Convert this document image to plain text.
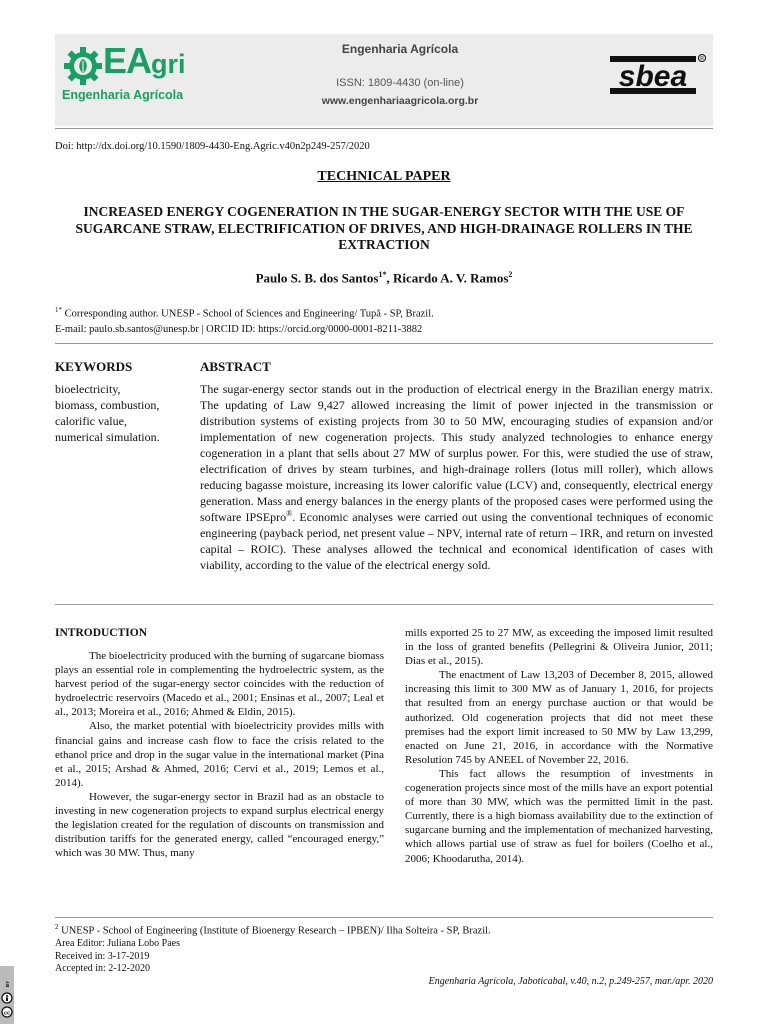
EAgri
Engenharia Agrícola
Engenharia Agrícola
ISSN: 1809-4430 (on-line)
www.engenhariaagricola.org.br
sbea
R
Doi: http://dx.doi.org/10.1590/1809-4430-Eng.Agric.v40n2p249-257/2020
TECHNICAL PAPER
INCREASED ENERGY COGENERATION IN THE SUGAR-ENERGY SECTOR WITH THE USE OF SUGARCANE STRAW, ELECTRIFICATION OF DRIVES, AND HIGH-DRAINAGE ROLLERS IN THE EXTRACTION
Paulo S. B. dos Santos$^{1*}$, Ricardo A. V. Ramos$^2$
$^{1*}$ Corresponding author. UNESP - School of Sciences and Engineering/ Tupã - SP, Brazil.
E-mail: paulo.sb.santos@unesp.br | ORCID ID: https://orcid.org/0000-0001-8211-3882
KEYWORDS
bioelectricity,
biomass, combustion,
calorific value,
numerical simulation.
ABSTRACT
The sugar-energy sector stands out in the production of electrical energy in the Brazilian energy matrix. The updating of Law 9,427 allowed increasing the limit of power injected in the transmission or distribution systems of existing projects from 30 to 50 MW, encouraging studies of expansion and/or implementation of new cogeneration projects. This study analyzed technologies to enhance energy cogeneration in a plant that sells about 27 MW of surplus power. For this, were studied the use of straw, electrification of drives by steam turbines, and high-drainage rollers (lotus mill roller), which allows reducing bagasse moisture, increasing its lower calorific value (LCV) and, consequently, electrical energy generation. Mass and energy balances in the energy plants of the proposed cases were performed using the software IPSEpro®. Economic analyses were carried out using the conventional techniques of economic engineering (payback period, net present value – NPV, internal rate of return – IRR, and return on invested capital – ROIC). These analyses allowed the technical and economical identification of cases with viability, according to the value of the electrical energy sold.
INTRODUCTION

The bioelectricity produced with the burning of sugarcane biomass plays an essential role in complementing the hydroelectric system, as the harvest period of the sugar-energy sector coincides with the reduction of hydroelectric reservoirs (Macedo et al., 2001; Ensinas et al., 2007; Leal et al., 2013; Moreira et al., 2016; Ahmed & Eldin, 2015).

Also, the market potential with bioelectricity provides mills with financial gains and increase cash flow to face the crisis related to the ethanol price and drop in the sugar value in the international market (Pina et al., 2015; Arshad & Ahmed, 2016; Cervi et al., 2019; Lemos et al., 2014).

However, the sugar-energy sector in Brazil had as an obstacle to investing in new cogeneration projects to expand surplus electrical energy the legislation created for the regulation of discounts on transmission and distribution tariffs for the generated energy, called “encouraged energy,” which was 30 MW. Thus, many

mills exported 25 to 27 MW, as exceeding the imposed limit resulted in the loss of granted benefits (Pellegrini & Oliveira Junior, 2011; Dias et al., 2015).

The enactment of Law 13,203 of December 8, 2015, allowed increasing this limit to 300 MW as of January 1, 2016, for projects that resulted from an energy purchase auction or that would be authorized. Old cogeneration projects that did not meet these premises had the export limit increased to 50 MW by Law 13,299, enacted on June 21, 2016, in accordance with the Normative Resolution 745 by ANEEL of November 22, 2016.

This fact allows the resumption of investments in cogeneration projects since most of the mills have an export potential of more than 30 MW, which was the permitted limit in the past. Currently, there is a high biomass availability due to the extinction of sugarcane burning and the implementation of mechanized harvesting, which allows partial use of straw as fuel for boilers (Coelho et al., 2006; Khoodarutha, 2014).

$^2$ UNESP - School of Engineering (Institute of Bioenergy Research – IPBEN)/ Ilha Solteira - SP, Brazil.
Area Editor: Juliana Lobo Paes
Received in: 3-17-2019
Accepted in: 2-12-2020
Engenharia Agrícola, Jaboticabal, v.40, n.2, p.249-257, mar./apr. 2020
cc
BY
